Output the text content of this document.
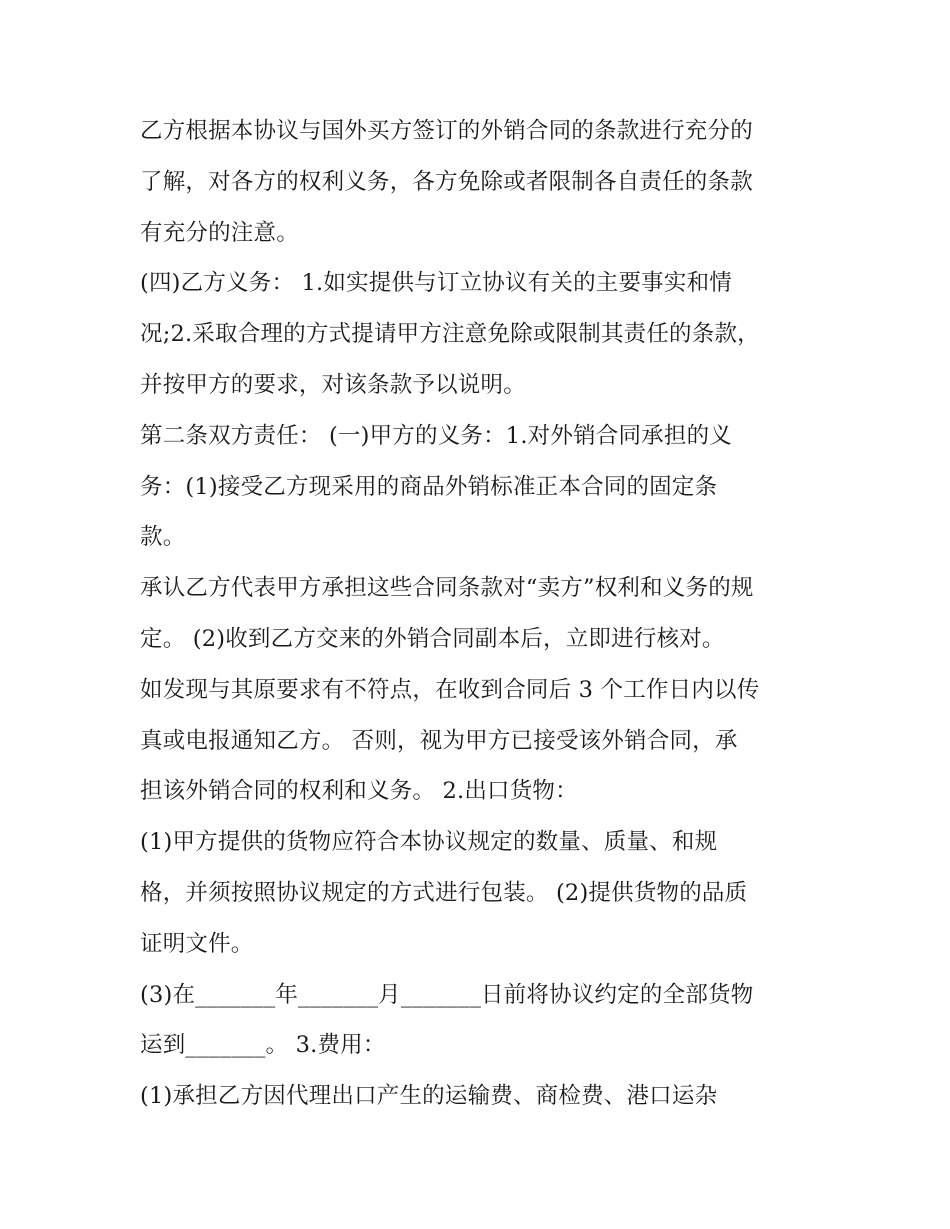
乙方根据本协议与国外买方签订的外销合同的条款进行充分的
了解，对各方的权利义务，各方免除或者限制各自责任的条款
有充分的注意。
(四)乙方义务： 1.如实提供与订立协议有关的主要事实和情
况;2.采取合理的方式提请甲方注意免除或限制其责任的条款，
并按甲方的要求，对该条款予以说明。
第二条双方责任： (一)甲方的义务：1.对外销合同承担的义
务：(1)接受乙方现采用的商品外销标准正本合同的固定条
款。
承认乙方代表甲方承担这些合同条款对“卖方”权利和义务的规
定。 (2)收到乙方交来的外销合同副本后，立即进行核对。
如发现与其原要求有不符点，在收到合同后 3 个工作日内以传
真或电报通知乙方。 否则，视为甲方已接受该外销合同，承
担该外销合同的权利和义务。 2.出口货物：
(1)甲方提供的货物应符合本协议规定的数量、质量、和规
格，并须按照协议规定的方式进行包装。 (2)提供货物的品质
证明文件。
(3)在_______年_______月_______日前将协议约定的全部货物
运到_______。 3.费用：
(1)承担乙方因代理出口产生的运输费、商检费、港口运杂
